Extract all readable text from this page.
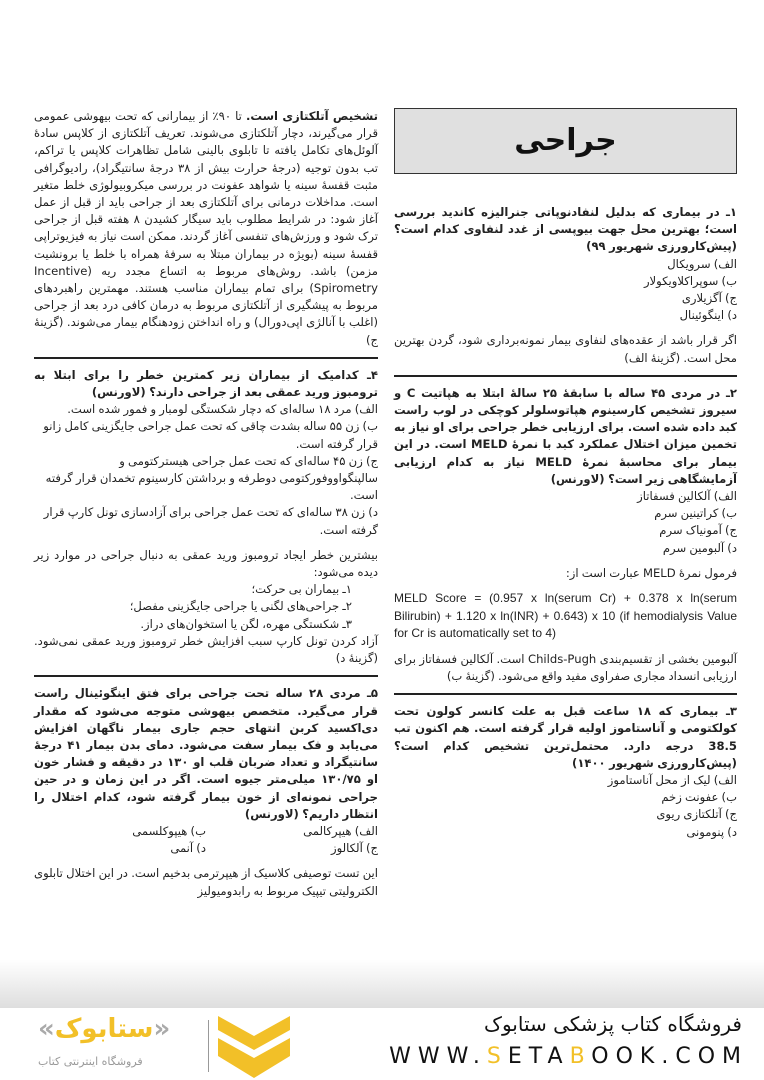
جراحی
۱ـ در بیماری که بدلیل لنفادنوپاتی جنرالیزه کاندید بررسی است؛ بهترین محل جهت بیوپسی از غدد لنفاوی کدام است؟ (پیش‌کارورزی شهریور ۹۹)
الف) سرویکال
ب) سوپراکلاویکولار
ج) آگزیلاری
د) اینگوئینال
اگر قرار باشد از عقده‌های لنفاوی بیمار نمونه‌برداری شود، گردن بهترین محل است. (گزینهٔ الف)
۲ـ در مردی ۴۵ ساله با سابقهٔ ۲۵ سالهٔ ابتلا به هپاتیت C و سیروز تشخیص کارسینوم هپاتوسلولر کوچکی در لوب راست کبد داده شده است. برای ارزیابی خطر جراحی برای او نیاز به تخمین میزان اختلال عملکرد کبد با نمرهٔ MELD است. در این بیمار برای محاسبهٔ نمرهٔ MELD نیاز به کدام ارزیابی آزمایشگاهی زیر است؟ (لاورنس)
الف) آلکالین فسفاتاز
ب) کراتینین سرم
ج) آمونیاک سرم
د) آلبومین سرم
فرمول نمرهٔ MELD عبارت است از:
MELD Score = (0.957 x ln(serum Cr) + 0.378 x ln(serum Bilirubin) + 1.120 x ln(INR) + 0.643) x 10 (if hemodialysis Value for Cr is automatically set to 4)
آلبومین بخشی از تقسیم‌بندی Childs-Pugh است. آلکالین فسفاتاز برای ارزیابی انسداد مجاری صفراوی مفید واقع می‌شود. (گزینهٔ ب)
۳ـ بیماری که ۱۸ ساعت قبل به علت کانسر کولون تحت کولکتومی و آناستاموز اولیه قرار گرفته است. هم اکنون تب 38.5 درجه دارد. محتمل‌ترین تشخیص کدام است؟ (پیش‌کارورزی شهریور ۱۴۰۰)
الف) لیک از محل آناستاموز
ب) عفونت زخم
ج) آتلکتازی ریوی
د) پنومونی
تشخیص آتلکتازی است. تا ۹۰٪ از بیمارانی که تحت بیهوشی عمومی قرار می‌گیرند، دچار آتلکتازی می‌شوند. تعریف آتلکتازی از کلاپس سادهٔ آلوئل‌های تکامل یافته تا تابلوی بالینی شامل تظاهرات کلاپس یا تراکم، تب بدون توجیه (درجهٔ حرارت بیش از ۳۸ درجهٔ سانتیگراد)، رادیوگرافی مثبت قفسهٔ سینه یا شواهد عفونت در بررسی میکروبیولوژی خلط متغیر است. مداخلات درمانی برای آتلکتازی بعد از جراحی باید از قبل از عمل آغاز شود: در شرایط مطلوب باید سیگار کشیدن ۸ هفته قبل از جراحی ترک شود و ورزش‌های تنفسی آغاز گردند. ممکن است نیاز به فیزیوتراپی قفسهٔ سینه (بویژه در بیماران مبتلا به سرفهٔ همراه با خلط یا برونشیت مزمن) باشد. روش‌های مربوط به اتساع مجدد ریه (Incentive Spirometry) برای تمام بیماران مناسب هستند. مهمترین راهبردهای مربوط به پیشگیری از آتلکتازی مربوط به درمان کافی درد بعد از جراحی (اغلب با آنالژی اپی‌دورال) و راه انداختن زودهنگام بیمار می‌شوند. (گزینهٔ ج)
۴ـ کدامیک از بیماران زیر کمترین خطر را برای ابتلا به ترومبوز ورید عمقی بعد از جراحی دارند؟ (لاورنس)
الف) مرد ۱۸ ساله‌ای که دچار شکستگی لومبار و فمور شده است.
ب) زن ۵۵ ساله بشدت چاقی که تحت عمل جراحی جایگزینی کامل زانو قرار گرفته است.
ج) زن ۴۵ ساله‌ای که تحت عمل جراحی هیسترکتومی و سالپنگواووفورکتومی دوطرفه و برداشتن کارسینوم تخمدان قرار گرفته است.
د) زن ۳۸ ساله‌ای که تحت عمل جراحی برای آزادسازی تونل کارپ قرار گرفته است.
بیشترین خطر ایجاد ترومبوز ورید عمقی به دنبال جراحی در موارد زیر دیده می‌شود:
۱ـ بیماران بی حرکت؛
۲ـ جراحی‌های لگنی یا جراحی جایگزینی مفصل؛
۳ـ شکستگی مهره، لگن یا استخوان‌های دراز.
آزاد کردن تونل کارپ سبب افزایش خطر ترومبوز ورید عمقی نمی‌شود. (گزینهٔ د)
۵ـ مردی ۲۸ ساله تحت جراحی برای فتق اینگوئینال راست قرار می‌گیرد. متخصص بیهوشی متوجه می‌شود که مقدار دی‌اکسید کربن انتهای حجم جاری بیمار ناگهان افزایش می‌یابد و فک بیمار سفت می‌شود. دمای بدن بیمار ۴۱ درجهٔ سانتیگراد و تعداد ضربان قلب او ۱۳۰ در دقیقه و فشار خون او ۱۳۰/۷۵ میلی‌متر جیوه است. اگر در این زمان و در حین جراحی نمونه‌ای از خون بیمار گرفته شود، کدام اختلال را انتظار داریم؟ (لاورنس)
الف) هیپرکالمی
ب) هیپوکلسمی
ج) آلکالوز
د) آنمی
این تست توصیفی کلاسیک از هیپرترمی بدخیم است. در این اختلال تابلوی الکترولیتی تیپیک مربوط به رابدومیولیز
فروشگاه کتاب پزشکی ستابوک
WWW.SETABOOK.COM
«ستابوک»
فروشگاه اینترنتی کتاب
